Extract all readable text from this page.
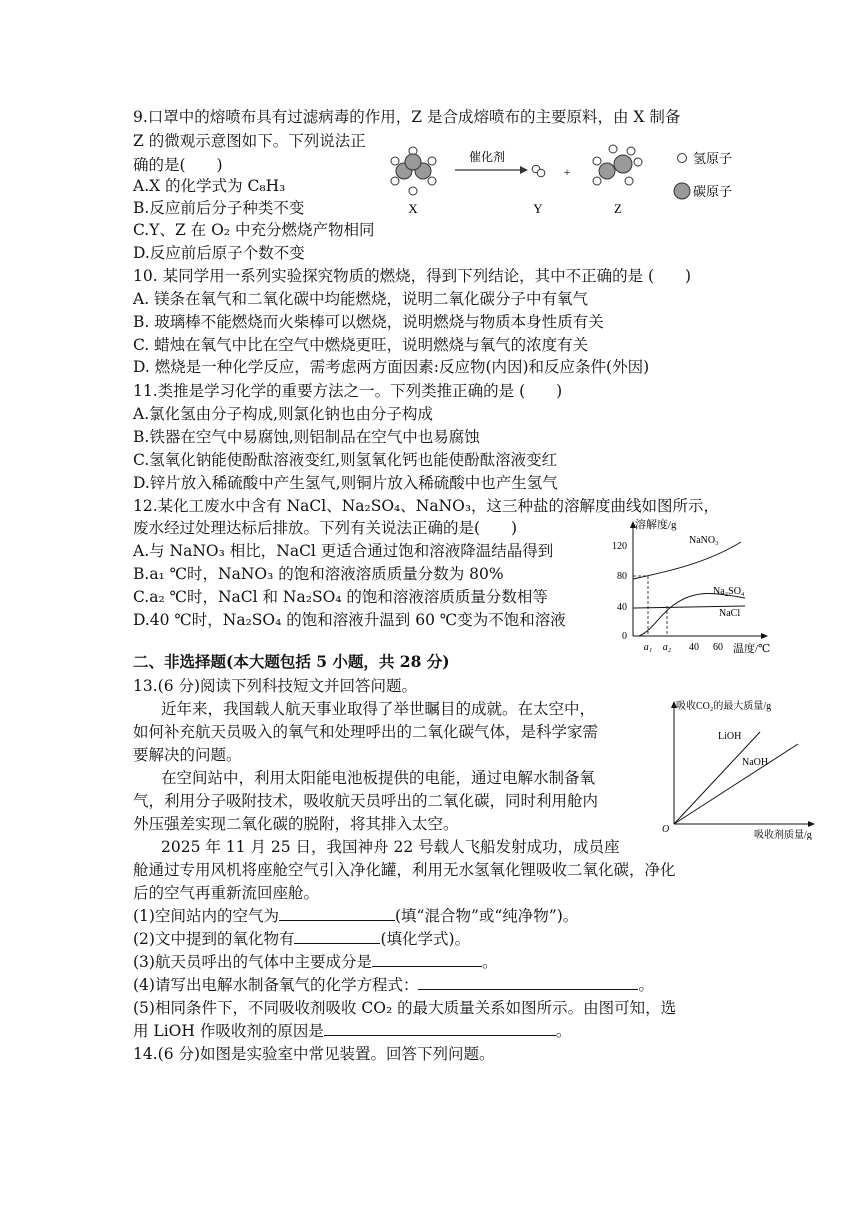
9.口罩中的熔喷布具有过滤病毒的作用，Z 是合成熔喷布的主要原料，由 X 制备
Z 的微观示意图如下。下列说法正
确的是(　　)
A.X 的化学式为 C₈H₃
B.反应前后分子种类不变
C.Y、Z 在 O₂ 中充分燃烧产物相同
D.反应前后原子个数不变
X
催化剂
Y
+
Z
氢原子
碳原子
10. 某同学用一系列实验探究物质的燃烧，得到下列结论，其中不正确的是 (　　)
A. 镁条在氧气和二氧化碳中均能燃烧，说明二氧化碳分子中有氧气
B. 玻璃棒不能燃烧而火柴棒可以燃烧，说明燃烧与物质本身性质有关
C. 蜡烛在氧气中比在空气中燃烧更旺，说明燃烧与氧气的浓度有关
D. 燃烧是一种化学反应，需考虑两方面因素:反应物(内因)和反应条件(外因)
11.类推是学习化学的重要方法之一。下列类推正确的是 (　　)
A.氯化氢由分子构成,则氯化钠也由分子构成
B.铁器在空气中易腐蚀,则铝制品在空气中也易腐蚀
C.氢氧化钠能使酚酞溶液变红,则氢氧化钙也能使酚酞溶液变红
D.锌片放入稀硫酸中产生氢气,则铜片放入稀硫酸中也产生氢气
12.某化工废水中含有 NaCl、Na₂SO₄、NaNO₃，这三种盐的溶解度曲线如图所示，
废水经过处理达标后排放。下列有关说法正确的是(　　)
A.与 NaNO₃ 相比，NaCl 更适合通过饱和溶液降温结晶得到
B.a₁ ℃时，NaNO₃ 的饱和溶液溶质质量分数为 80%
C.a₂ ℃时，NaCl 和 Na₂SO₄ 的饱和溶液溶质质量分数相等
D.40 ℃时，Na₂SO₄ 的饱和溶液升温到 60 ℃变为不饱和溶液
溶解度/g
温度/℃
120
80
40
0
a₁ a₂ 40 60
NaNO₃
Na₂SO₄
NaCl
二、非选择题(本大题包括 5 小题，共 28 分)
13.(6 分)阅读下列科技短文并回答问题。
近年来，我国载人航天事业取得了举世瞩目的成就。在太空中，
如何补充航天员吸入的氧气和处理呼出的二氧化碳气体，是科学家需
要解决的问题。
在空间站中，利用太阳能电池板提供的电能，通过电解水制备氧
气，利用分子吸附技术，吸收航天员呼出的二氧化碳，同时利用舱内
外压强差实现二氧化碳的脱附，将其排入太空。
2025 年 11 月 25 日，我国神舟 22 号载人飞船发射成功，成员座
舱通过专用风机将座舱空气引入净化罐，利用无水氢氧化锂吸收二氧化碳，净化
后的空气再重新流回座舱。
(1)空间站内的空气为	(填“混合物”或“纯净物”)。
(2)文中提到的氧化物有	(填化学式)。
(3)航天员呼出的气体中主要成分是	。
(4)请写出电解水制备氧气的化学方程式：	。
(5)相同条件下，不同吸收剂吸收 CO₂ 的最大质量关系如图所示。由图可知，选
用 LiOH 作吸收剂的原因是	。
吸收CO₂的最大质量/g
吸收剂质量/g
O
LiOH
NaOH
14.(6 分)如图是实验室中常见装置。回答下列问题。
